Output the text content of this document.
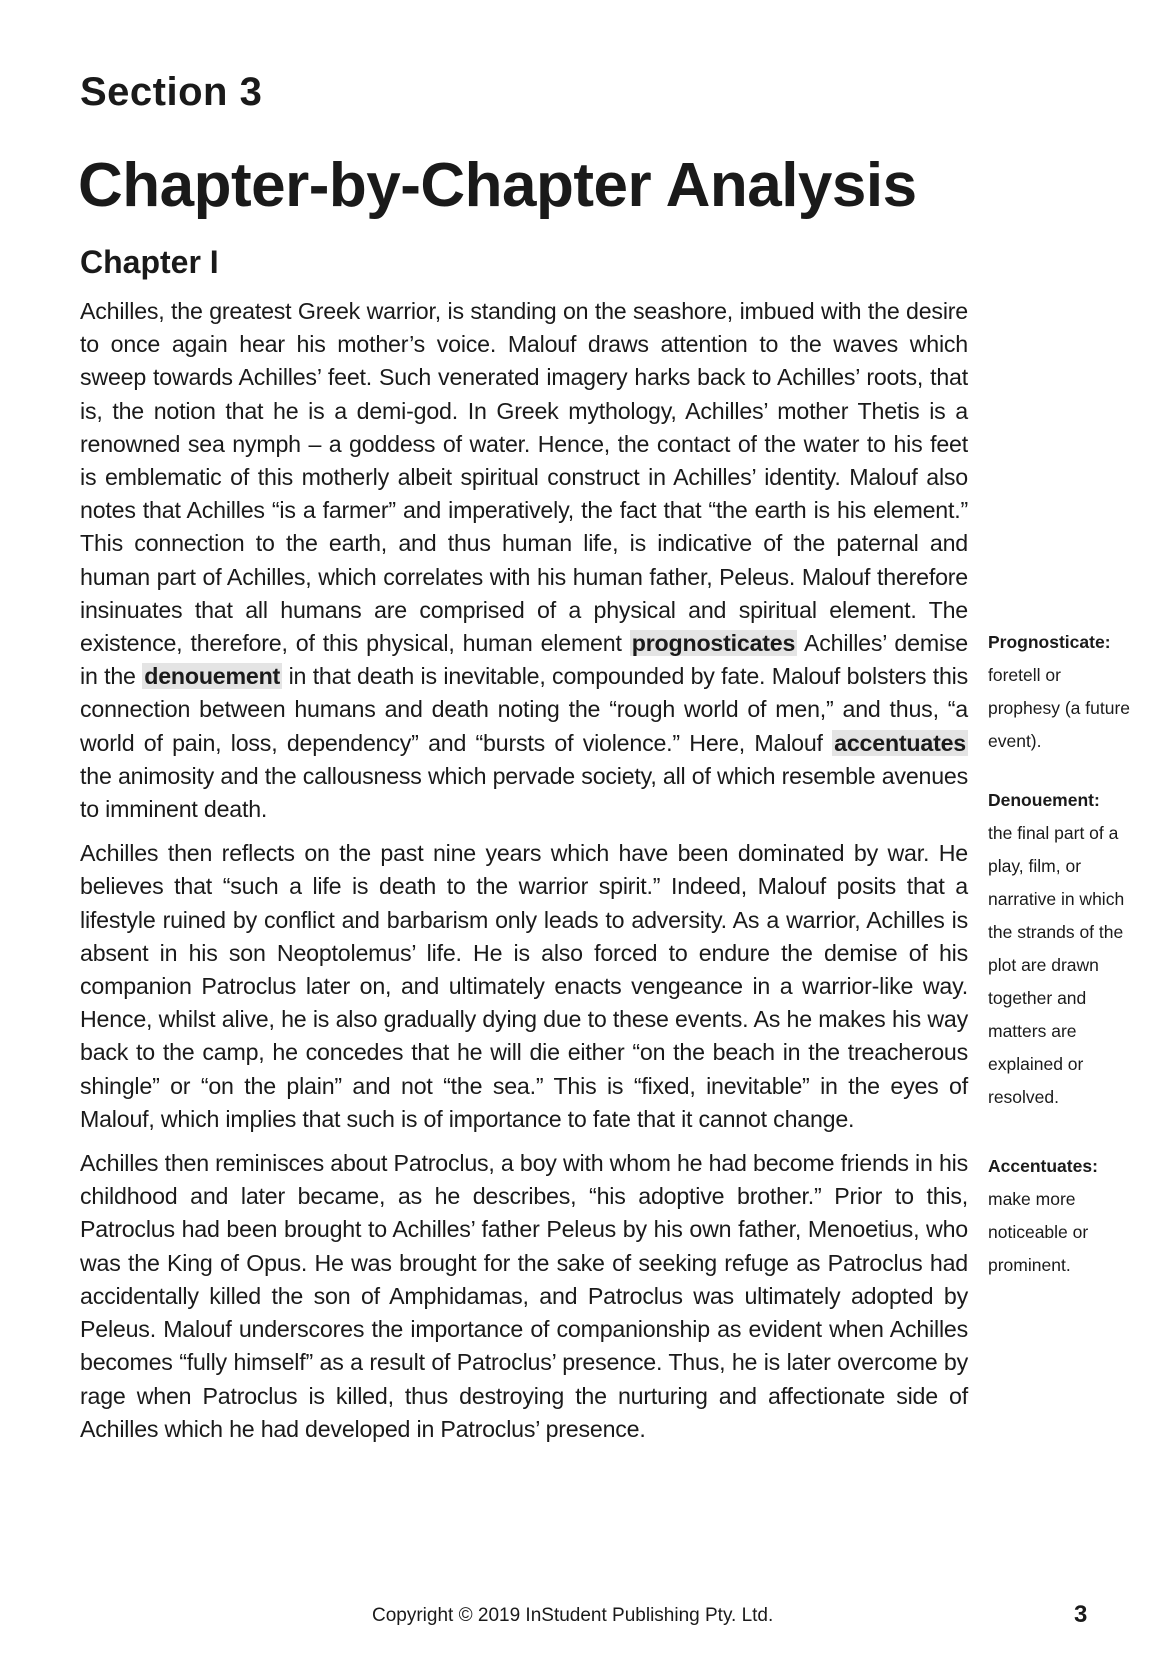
Section 3
Chapter-by-Chapter Analysis
Chapter I

Achilles, the greatest Greek warrior, is standing on the seashore, imbued with the desire to once again hear his mother’s voice. Malouf draws attention to the waves which sweep towards Achilles’ feet. Such venerated imagery harks back to Achilles’ roots, that is, the notion that he is a demi-god. In Greek mythology, Achilles’ mother Thetis is a renowned sea nymph – a goddess of water. Hence, the contact of the water to his feet is emblematic of this motherly albeit spiritual construct in Achilles’ identity. Malouf also notes that Achilles “is a farmer” and imperatively, the fact that “the earth is his element.” This connection to the earth, and thus human life, is indicative of the paternal and human part of Achilles, which correlates with his human father, Peleus. Malouf therefore insinuates that all humans are comprised of a physical and spiritual element. The existence, therefore, of this physical, human element prognosticates Achilles’ demise in the denouement in that death is inevitable, compounded by fate. Malouf bolsters this connection between humans and death noting the “rough world of men,” and thus, “a world of pain, loss, dependency” and “bursts of violence.” Here, Malouf accentuates the animosity and the callousness which pervade society, all of which resemble avenues to imminent death.

Achilles then reflects on the past nine years which have been dominated by war. He believes that “such a life is death to the warrior spirit.” Indeed, Malouf posits that a lifestyle ruined by conflict and barbarism only leads to adversity. As a warrior, Achilles is absent in his son Neoptolemus’ life. He is also forced to endure the demise of his companion Patroclus later on, and ultimately enacts vengeance in a warrior-like way. Hence, whilst alive, he is also gradually dying due to these events. As he makes his way back to the camp, he concedes that he will die either “on the beach in the treacherous shingle” or “on the plain” and not “the sea.” This is “fixed, inevitable” in the eyes of Malouf, which implies that such is of importance to fate that it cannot change.

Achilles then reminisces about Patroclus, a boy with whom he had become friends in his childhood and later became, as he describes, “his adoptive brother.” Prior to this, Patroclus had been brought to Achilles’ father Peleus by his own father, Menoetius, who was the King of Opus. He was brought for the sake of seeking refuge as Patroclus had accidentally killed the son of Amphidamas, and Patroclus was ultimately adopted by Peleus. Malouf underscores the importance of companionship as evident when Achilles becomes “fully himself” as a result of Patroclus’ presence. Thus, he is later overcome by rage when Patroclus is killed, thus destroying the nurturing and affectionate side of Achilles which he had developed in Patroclus’ presence.

Prognosticate:
foretell or prophesy (a future event).
Denouement:
the final part of a play, film, or narrative in which the strands of the plot are drawn together and matters are explained or resolved.
Accentuates:
make more noticeable or prominent.
Copyright © 2019 InStudent Publishing Pty. Ltd.	3
